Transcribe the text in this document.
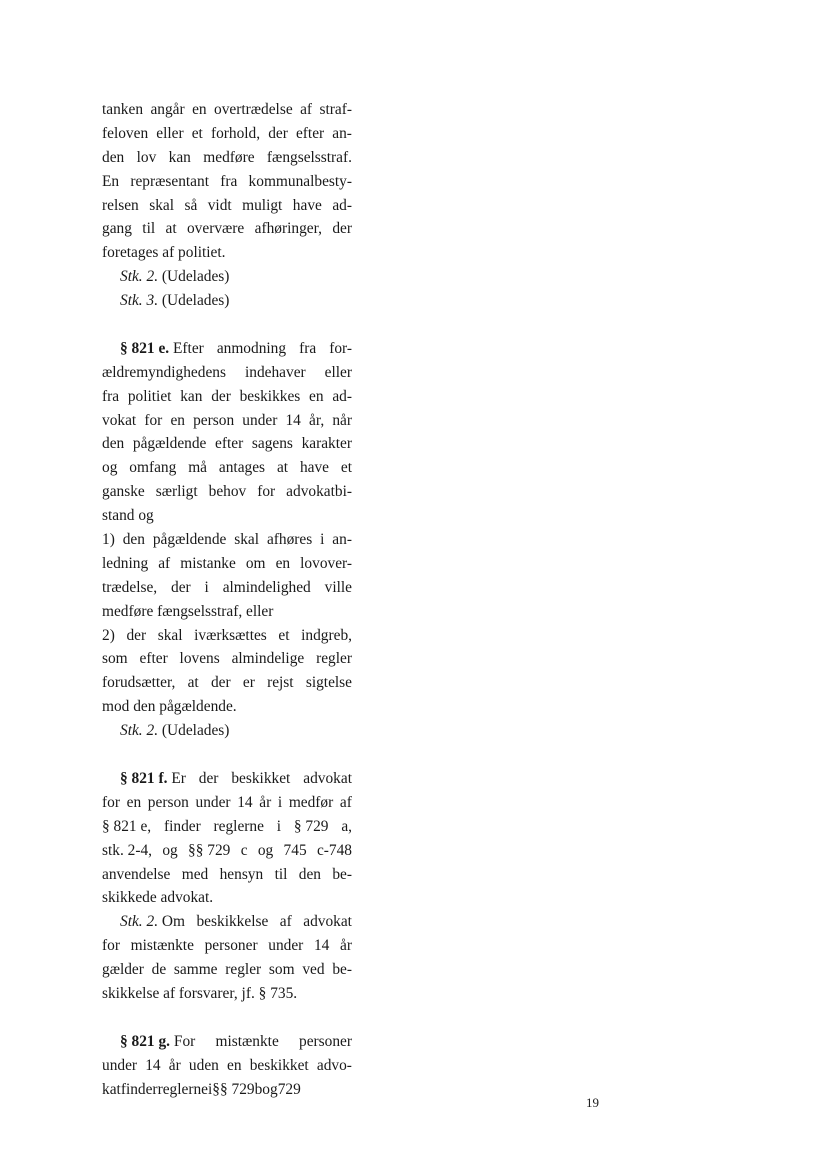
tanken angår en overtrædelse af straf-
feloven eller et forhold, der efter an-
den lov kan medføre fængselsstraf.
En repræsentant fra kommunalbesty-
relsen skal så vidt muligt have ad-
gang til at overvære afhøringer, der
foretages af politiet.
Stk. 2.
(Udelades)
Stk. 3.
(Udelades)
§ 821 e. Efter anmodning fra for-
ældremyndighedens indehaver eller
fra politiet kan der beskikkes en ad-
vokat for en person under 14 år, når
den pågældende efter sagens karakter
og omfang må antages at have et
ganske særligt behov for advokatbi-
stand og
1) den pågældende skal afhøres i an-
ledning af mistanke om en lovover-
trædelse, der i almindelighed ville
medføre fængselsstraf, eller
2) der skal iværksættes et indgreb,
som efter lovens almindelige regler
forudsætter, at der er rejst sigtelse
mod den pågældende.
Stk. 2.
(Udelades)
§ 821 f. Er der beskikket advokat
for en person under 14 år i medfør af
§ 821 e, finder reglerne i § 729 a,
stk. 2-4, og §§ 729 c og 745 c-748
anvendelse med hensyn til den be-
skikkede advokat.
Stk. 2. Om beskikkelse af advokat
for mistænkte personer under 14 år
gælder de samme regler som ved be-
skikkelse af forsvarer, jf. § 735.
§ 821 g. For mistænkte personer
under 14 år uden en beskikket advo-
kat finder reglerne i §§ 729 b og 729
19
